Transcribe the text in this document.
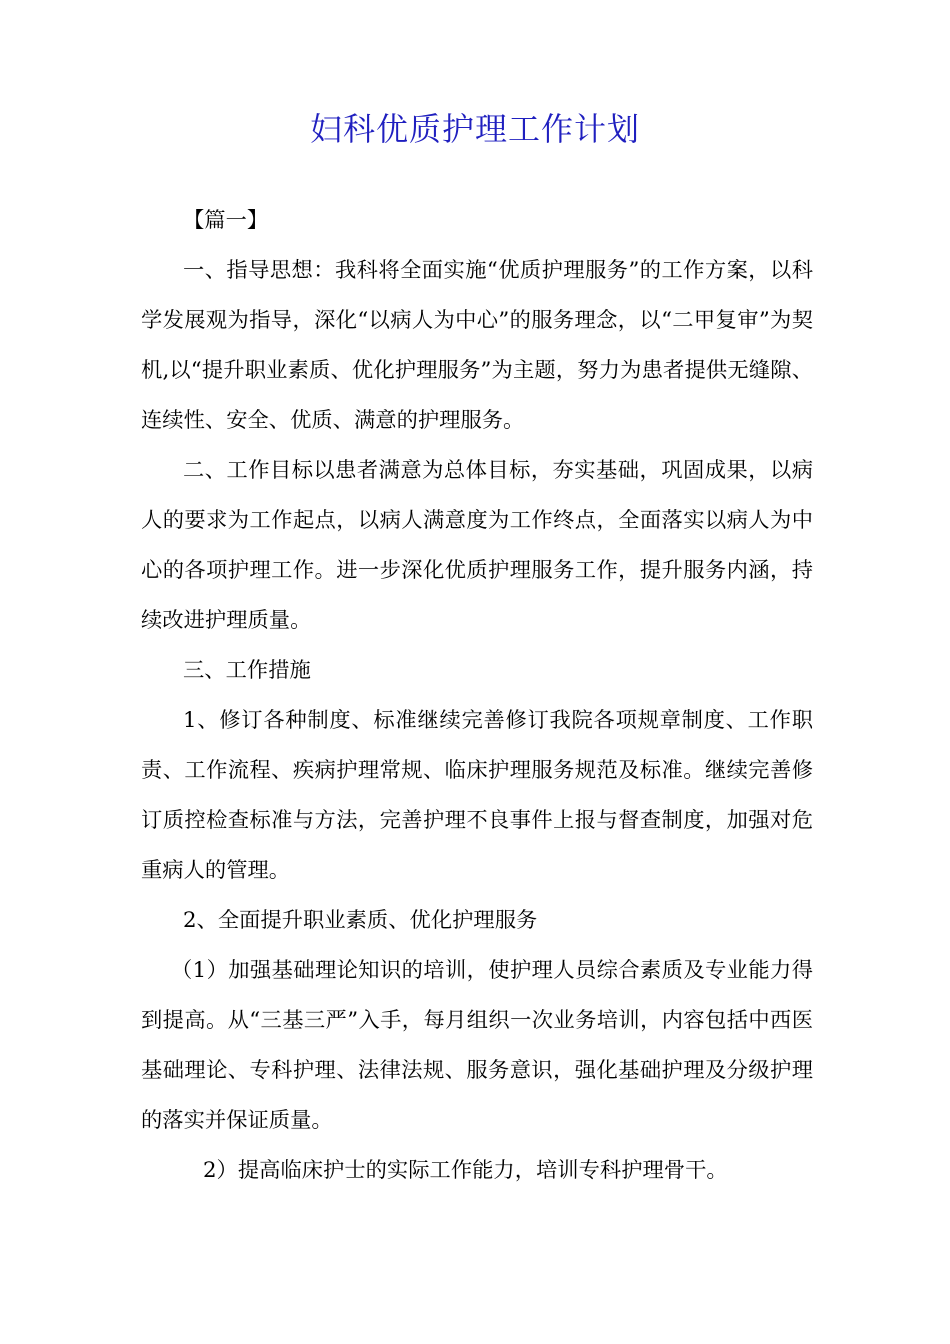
妇科优质护理工作计划

【篇一】

一、指导思想：我科将全面实施“优质护理服务”的工作方案，以科学发展观为指导，深化“以病人为中心”的服务理念，以“二甲复审”为契机,以“提升职业素质、优化护理服务”为主题，努力为患者提供无缝隙、连续性、安全、优质、满意的护理服务。

二、工作目标以患者满意为总体目标，夯实基础，巩固成果，以病人的要求为工作起点，以病人满意度为工作终点，全面落实以病人为中心的各项护理工作。进一步深化优质护理服务工作，提升服务内涵，持续改进护理质量。

三、工作措施

1、修订各种制度、标准继续完善修订我院各项规章制度、工作职责、工作流程、疾病护理常规、临床护理服务规范及标准。继续完善修订质控检查标准与方法，完善护理不良事件上报与督查制度，加强对危重病人的管理。

2、全面提升职业素质、优化护理服务

（1）加强基础理论知识的培训，使护理人员综合素质及专业能力得到提高。从“三基三严”入手，每月组织一次业务培训，内容包括中西医基础理论、专科护理、法律法规、服务意识，强化基础护理及分级护理的落实并保证质量。

2）提高临床护士的实际工作能力，培训专科护理骨干。
